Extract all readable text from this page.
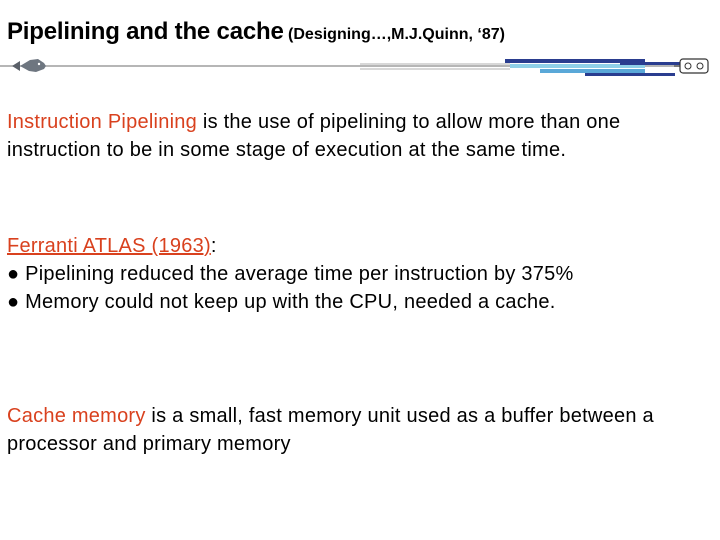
Pipelining and the cache (Designing…,M.J.Quinn, ‘87)
Instruction Pipelining is the use of pipelining to allow more than one instruction to be in some stage of execution at the same time.
Ferranti ATLAS (1963):
● Pipelining reduced the average time per instruction by 375%
● Memory could not keep up with the CPU, needed a cache.
Cache memory is a small, fast memory unit used as a buffer between a processor and primary memory
